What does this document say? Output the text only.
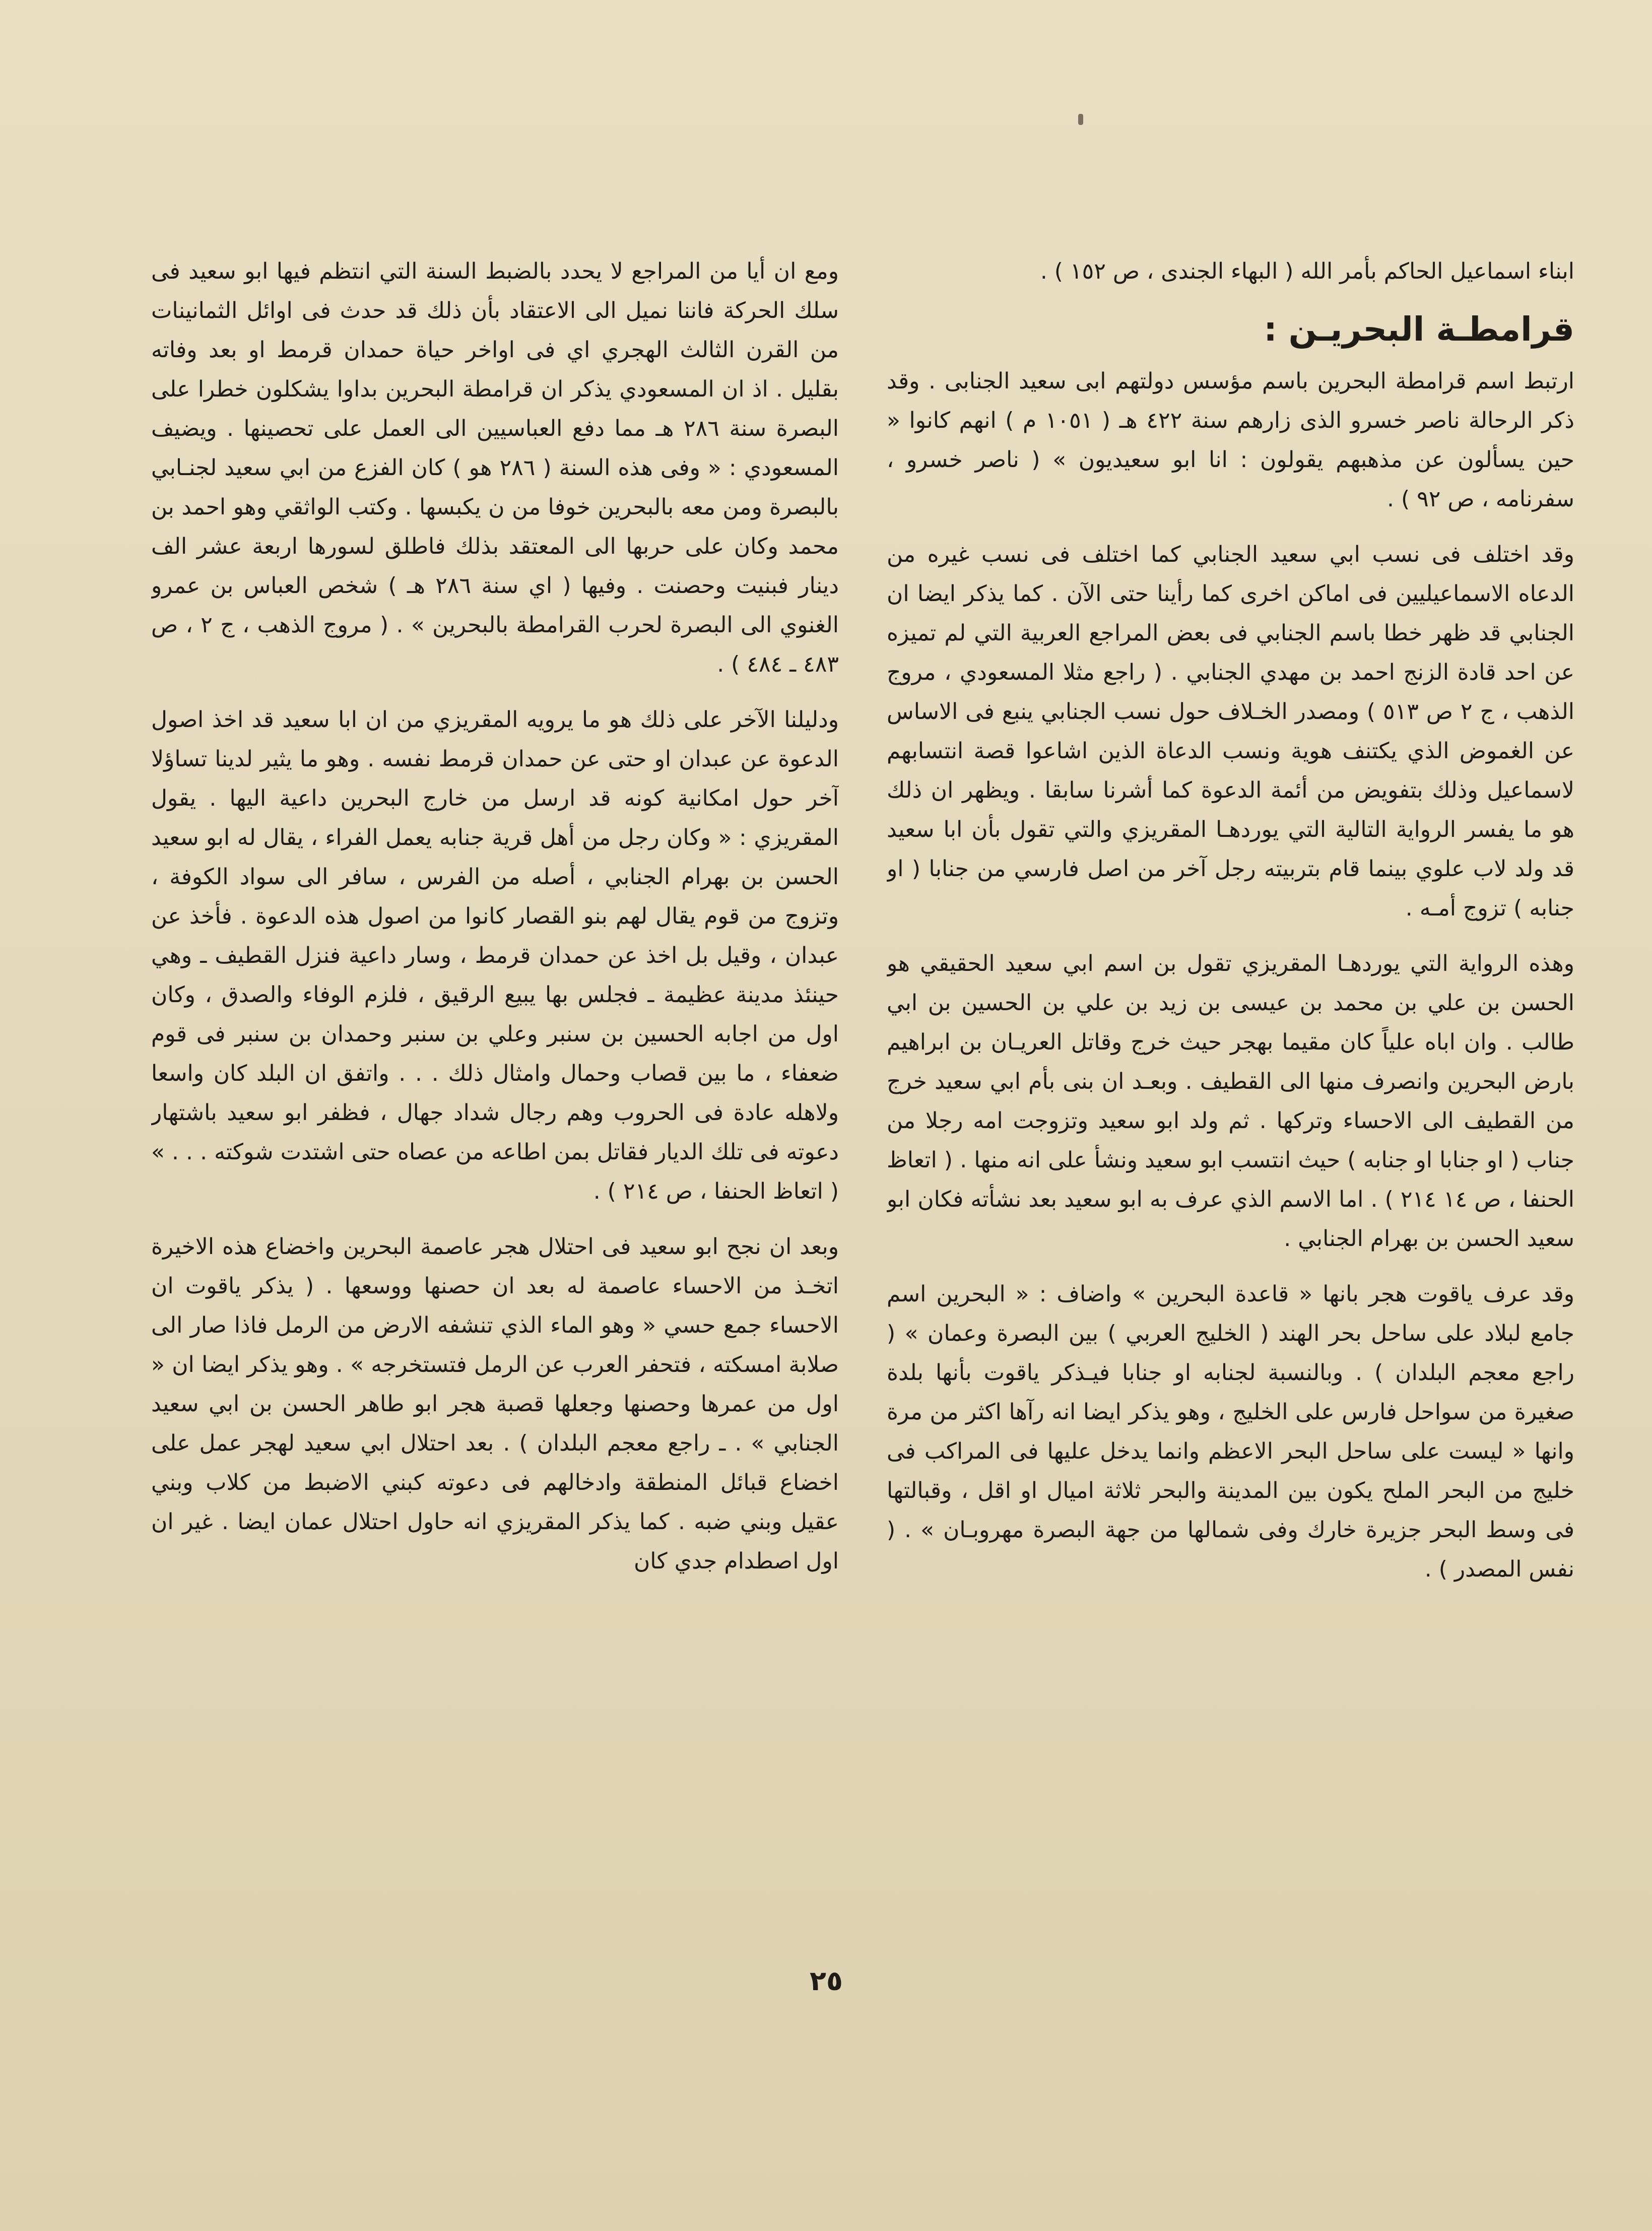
ابناء اسماعيل الحاكم بأمر الله ( البهاء الجندى ، ص ١٥٢ ) .

قرامطـة البحريـن :

ارتبط اسم قرامطة البحرين باسم مؤسس دولتهم ابى سعيد الجنابى . وقد ذكر الرحالة ناصر خسرو الذى زارهم سنة ٤٢٢ هـ ( ١٠٥١ م ) انهم كانوا « حين يسألون عن مذهبهم يقولون : انا ابو سعيديون » ( ناصر خسرو ، سفرنامه ، ص ٩٢ ) .

وقد اختلف فى نسب ابي سعيد الجنابي كما اختلف فى نسب غيره من الدعاه الاسماعيليين فى اماكن اخرى كما رأينا حتى الآن . كما يذكر ايضا ان الجنابي قد ظهر خطا باسم الجنابي فى بعض المراجع العربية التي لم تميزه عن احد قادة الزنج احمد بن مهدي الجنابي . ( راجع مثلا المسعودي ، مروج الذهب ، ج ٢ ص ٥١٣ ) ومصدر الخـلاف حول نسب الجنابي ينبع فى الاساس عن الغموض الذي يكتنف هوية ونسب الدعاة الذين اشاعوا قصة انتسابهم لاسماعيل وذلك بتفويض من أئمة الدعوة كما أشرنا سابقا . ويظهر ان ذلك هو ما يفسر الرواية التالية التي يوردهـا المقريزي والتي تقول بأن ابا سعيد قد ولد لاب علوي بينما قام بتربيته رجل آخر من اصل فارسي من جنابا ( او جنابه ) تزوج أمـه .

وهذه الرواية التي يوردهـا المقريزي تقول بن اسم ابي سعيد الحقيقي هو الحسن بن علي بن محمد بن عيسى بن زيد بن علي بن الحسين بن ابي طالب . وان اباه علياً كان مقيما بهجر حيث خرج وقاتل العريـان بن ابراهيم بارض البحرين وانصرف منها الى القطيف . وبعـد ان بنى بأم ابي سعيد خرج من القطيف الى الاحساء وتركها . ثم ولد ابو سعيد وتزوجت امه رجلا من جناب ( او جنابا او جنابه ) حيث انتسب ابو سعيد ونشأ على انه منها . ( اتعاظ الحنفا ، ص ١٤ ٢١٤ ) . اما الاسم الذي عرف به ابو سعيد بعد نشأته فكان ابو سعيد الحسن بن بهرام الجنابي .

وقد عرف ياقوت هجر بانها « قاعدة البحرين » واضاف : « البحرين اسم جامع لبلاد على ساحل بحر الهند ( الخليج العربي ) بين البصرة وعمان » ( راجع معجم البلدان ) . وبالنسبة لجنابه او جنابا فيـذكر ياقوت بأنها بلدة صغيرة من سواحل فارس على الخليج ، وهو يذكر ايضا انه رآها اكثر من مرة وانها « ليست على ساحل البحر الاعظم وانما يدخل عليها فى المراكب فى خليج من البحر الملح يكون بين المدينة والبحر ثلاثة اميال او اقل ، وقبالتها فى وسط البحر جزيرة خارك وفى شمالها من جهة البصرة مهروبـان » . ( نفس المصدر ) .

ومع ان أيا من المراجع لا يحدد بالضبط السنة التي انتظم فيها ابو سعيد فى سلك الحركة فاننا نميل الى الاعتقاد بأن ذلك قد حدث فى اوائل الثمانينات من القرن الثالث الهجري اي فى اواخر حياة حمدان قرمط او بعد وفاته بقليل . اذ ان المسعودي يذكر ان قرامطة البحرين بداوا يشكلون خطرا على البصرة سنة ٢٨٦ هـ مما دفع العباسيين الى العمل على تحصينها . ويضيف المسعودي : « وفى هذه السنة ( ٢٨٦ هو ) كان الفزع من ابي سعيد لجنـابي بالبصرة ومن معه بالبحرين خوفا من ن يكبسها . وكتب الواثقي وهو احمد بن محمد وكان على حربها الى المعتقد بذلك فاطلق لسورها اربعة عشر الف دينار فبنيت وحصنت . وفيها ( اي سنة ٢٨٦ هـ ) شخص العباس بن عمرو الغنوي الى البصرة لحرب القرامطة بالبحرين » . ( مروج الذهب ، ج ٢ ، ص ٤٨٣ ـ ٤٨٤ ) .

ودليلنا الآخر على ذلك هو ما يرويه المقريزي من ان ابا سعيد قد اخذ اصول الدعوة عن عبدان او حتى عن حمدان قرمط نفسه . وهو ما يثير لدينا تساؤلا آخر حول امكانية كونه قد ارسل من خارج البحرين داعية اليها . يقول المقريزي : « وكان رجل من أهل قرية جنابه يعمل الفراء ، يقال له ابو سعيد الحسن بن بهرام الجنابي ، أصله من الفرس ، سافر الى سواد الكوفة ، وتزوج من قوم يقال لهم بنو القصار كانوا من اصول هذه الدعوة . فأخذ عن عبدان ، وقيل بل اخذ عن حمدان قرمط ، وسار داعية فنزل القطيف ـ وهي حينئذ مدينة عظيمة ـ فجلس بها يبيع الرقيق ، فلزم الوفاء والصدق ، وكان اول من اجابه الحسين بن سنبر وعلي بن سنبر وحمدان بن سنبر فى قوم ضعفاء ، ما بين قصاب وحمال وامثال ذلك . . . واتفق ان البلد كان واسعا ولاهله عادة فى الحروب وهم رجال شداد جهال ، فظفر ابو سعيد باشتهار دعوته فى تلك الديار فقاتل بمن اطاعه من عصاه حتى اشتدت شوكته . . . » ( اتعاظ الحنفا ، ص ٢١٤ ) .

وبعد ان نجح ابو سعيد فى احتلال هجر عاصمة البحرين واخضاع هذه الاخيرة اتخـذ من الاحساء عاصمة له بعد ان حصنها ووسعها . ( يذكر ياقوت ان الاحساء جمع حسي « وهو الماء الذي تنشفه الارض من الرمل فاذا صار الى صلابة امسكته ، فتحفر العرب عن الرمل فتستخرجه » . وهو يذكر ايضا ان « اول من عمرها وحصنها وجعلها قصبة هجر ابو طاهر الحسن بن ابي سعيد الجنابي » . ـ راجع معجم البلدان ) . بعد احتلال ابي سعيد لهجر عمل على اخضاع قبائل المنطقة وادخالهم فى دعوته كبني الاضبط من كلاب وبني عقيل وبني ضبه . كما يذكر المقريزي انه حاول احتلال عمان ايضا . غير ان اول اصطدام جدي كان

٢٥
